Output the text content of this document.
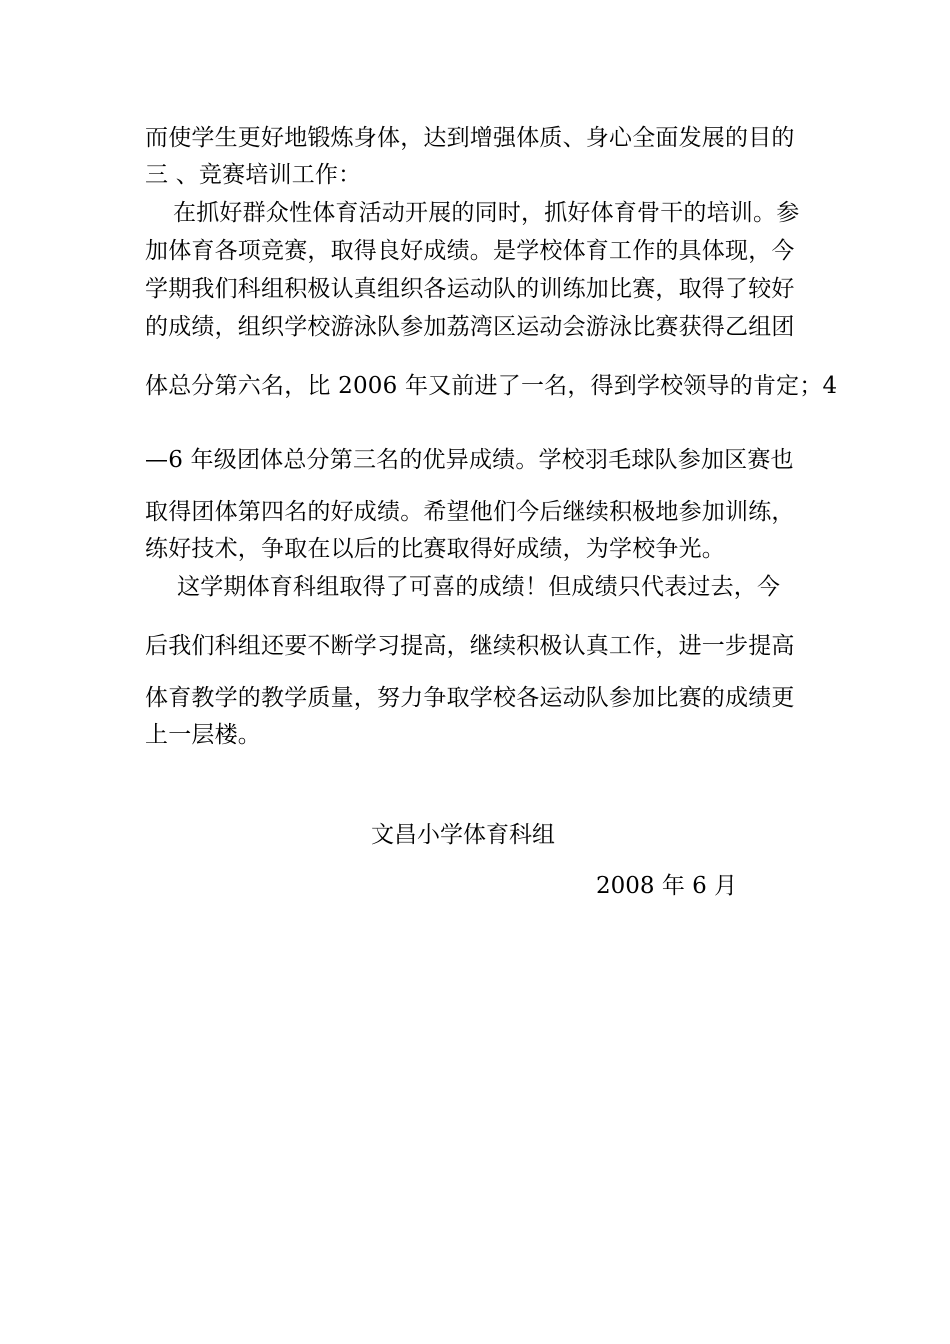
而使学生更好地锻炼身体，达到增强体质、身心全面发展的目的
三 、竞赛培训工作：
在抓好群众性体育活动开展的同时，抓好体育骨干的培训。参
加体育各项竞赛，取得良好成绩。是学校体育工作的具体现，今
学期我们科组积极认真组织各运动队的训练加比赛，取得了较好
的成绩，组织学校游泳队参加荔湾区运动会游泳比赛获得乙组团
体总分第六名，比 2006 年又前进了一名，得到学校领导的肯定；4
—6 年级团体总分第三名的优异成绩。学校羽毛球队参加区赛也
取得团体第四名的好成绩。希望他们今后继续积极地参加训练，
练好技术，争取在以后的比赛取得好成绩，为学校争光。
这学期体育科组取得了可喜的成绩！但成绩只代表过去，今
后我们科组还要不断学习提高，继续积极认真工作，进一步提高
体育教学的教学质量，努力争取学校各运动队参加比赛的成绩更
上一层楼。
文昌小学体育科组
2008 年 6 月
